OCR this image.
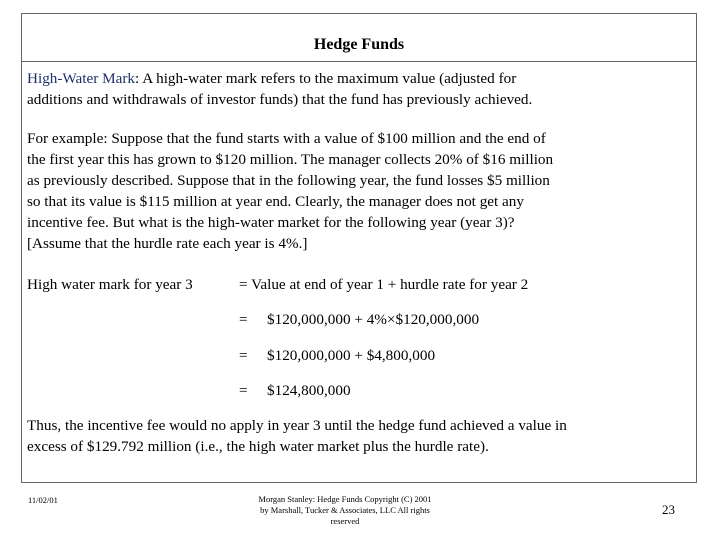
Hedge Funds
High-Water Mark: A high-water mark refers to the maximum value (adjusted for
additions and withdrawals of investor funds) that the fund has previously achieved.
For example: Suppose that the fund starts with a value of $100 million and the end of
the first year this has grown to $120 million. The manager collects 20% of $16 million
as previously described. Suppose that in the following year, the fund losses $5 million
so that its value is $115 million at year end. Clearly, the manager does not get any
incentive fee. But what is the high-water market for the following year (year 3)?
[Assume that the hurdle rate each year is 4%.]
High water mark for year 3	= Value at end of year 1 + hurdle rate for year 2
= $120,000,000 + 4%×$120,000,000
= $120,000,000 + $4,800,000
= $124,800,000
Thus, the incentive fee would no apply in year 3 until the hedge fund achieved a value in
excess of $129.792 million (i.e., the high water market plus the hurdle rate).
11/02/01	Morgan Stanley: Hedge Funds Copyright (C) 2001
by Marshall, Tucker & Associates, LLC All rights
reserved
23
